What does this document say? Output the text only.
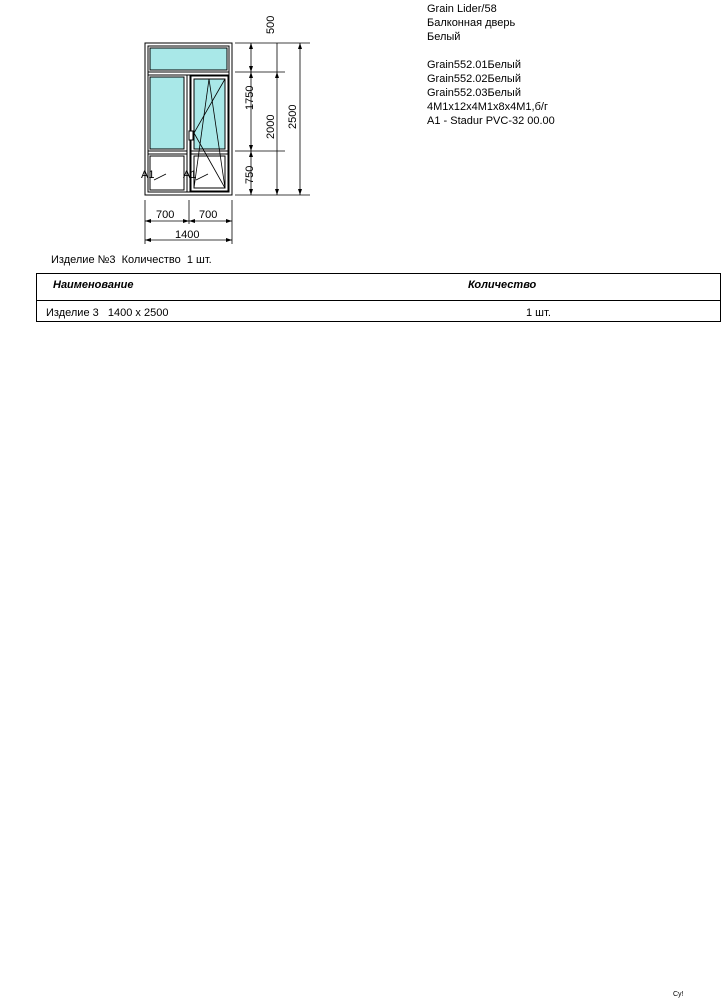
Grain Lider/58
Балконная дверь
Белый
Grain552.01Белый
Grain552.02Белый
Grain552.03Белый
4M1x12x4M1x8x4M1,б/г
A1 - Stadur PVC-32 00.00
A1	A1
500
1750
2000 2500
750
700 700
1400
Изделие №3  Количество  1 шт.
Наименование	Количество
Изделие 3   1400 x 2500	1 шт.
Су!
